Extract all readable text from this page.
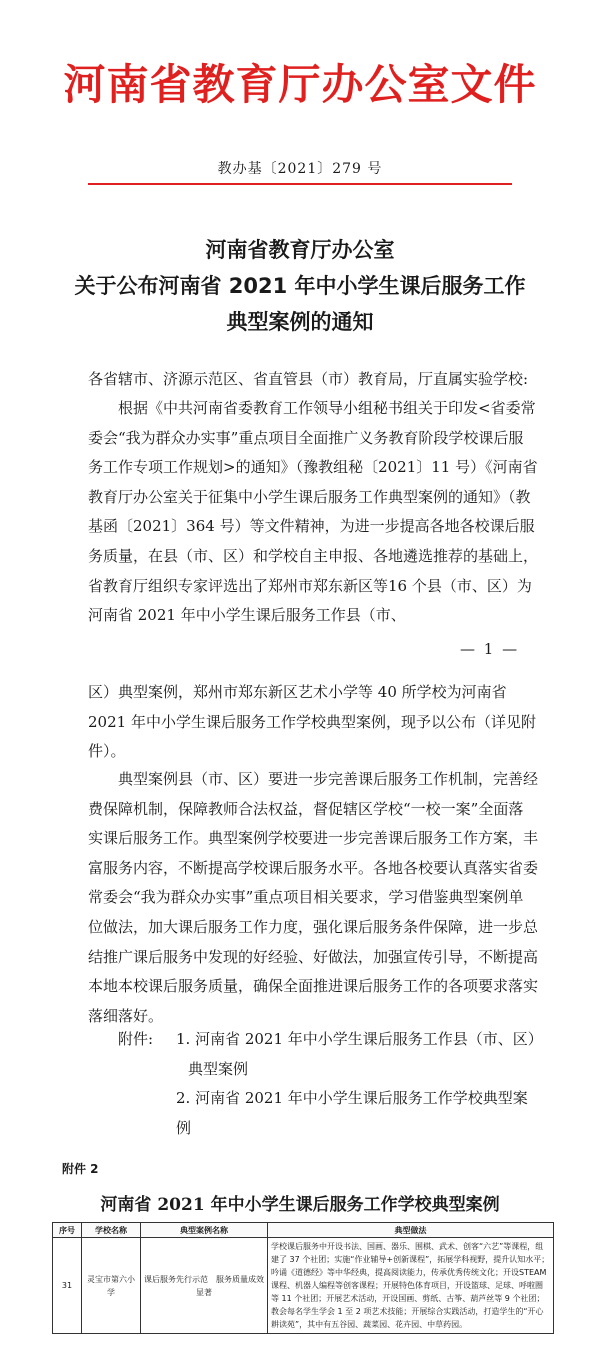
河南省教育厅办公室文件
教办基〔2021〕279 号
河南省教育厅办公室
关于公布河南省 2021 年中小学生课后服务工作
典型案例的通知
各省辖市、济源示范区、省直管县（市）教育局，厅直属实验学校:

根据《中共河南省委教育工作领导小组秘书组关于印发<省委常委会“我为群众办实事”重点项目全面推广义务教育阶段学校课后服务工作专项工作规划>的通知》（豫教组秘〔2021〕11 号）《河南省教育厅办公室关于征集中小学生课后服务工作典型案例的通知》（教基函〔2021〕364 号）等文件精神，为进一步提高各地各校课后服务质量，在县（市、区）和学校自主申报、各地遴选推荐的基础上，省教育厅组织专家评选出了郑州市郑东新区等16 个县（市、区）为河南省 2021 年中小学生课后服务工作县（市、

— 1 —

区）典型案例，郑州市郑东新区艺术小学等 40 所学校为河南省2021 年中小学生课后服务工作学校典型案例，现予以公布（详见附件）。

典型案例县（市、区）要进一步完善课后服务工作机制，完善经费保障机制，保障教师合法权益，督促辖区学校“一校一案”全面落实课后服务工作。典型案例学校要进一步完善课后服务工作方案，丰富服务内容，不断提高学校课后服务水平。各地各校要认真落实省委常委会“我为群众办实事”重点项目相关要求，学习借鉴典型案例单位做法，加大课后服务工作力度，强化课后服务条件保障，进一步总结推广课后服务中发现的好经验、好做法，加强宣传引导，不断提高本地本校课后服务质量，确保全面推进课后服务工作的各项要求落实落细落好。

附件:	1. 河南省 2021 年中小学生课后服务工作县（市、区）
典型案例
2. 河南省 2021 年中小学生课后服务工作学校典型案例
附件 2
河南省 2021 年中小学生课后服务工作学校典型案例
序号	学校名称	典型案例名称	典型做法
31	灵宝市第六小学	课后服务先行示范　服务质量成效显著	学校课后服务中开设书法、国画、器乐、围棋、武术、创客“六艺”等课程，组建了 37 个社团；实施“作业辅导+创新课程”，拓展学科视野，提升认知水平；吟诵《道德经》等中华经典，提高阅读能力，传承优秀传统文化；开设STEAM 课程、机器人编程等创客课程；开展特色体育项目，开设篮球、足球、呼啦圈等 11 个社团；开展艺术活动，开设国画、剪纸、古筝、葫芦丝等 9 个社团；教会每名学生学会 1 至 2 项艺术技能；开展综合实践活动，打造学生的“开心耕读苑”，其中有五谷园、蔬菜园、花卉园、中草药园。
